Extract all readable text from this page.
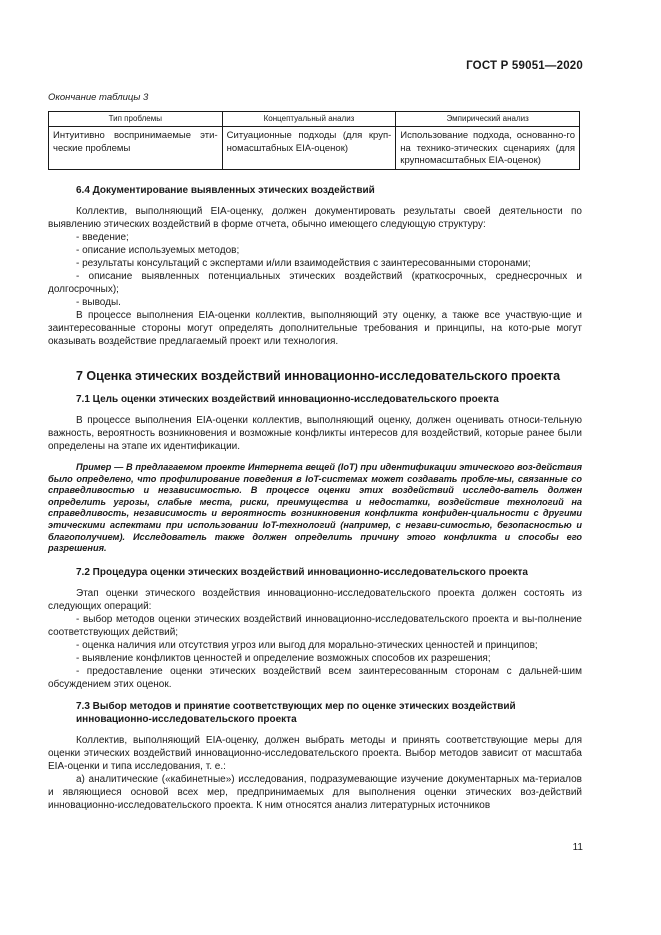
ГОСТ Р 59051—2020
Окончание таблицы 3
Тип проблемы	Концептуальный анализ	Эмпирический анализ
Интуитивно воспринимаемые эти-ческие проблемы	Ситуационные подходы (для круп-номасштабных EIA-оценок)	Использование подхода, основанно-го на технико-этических сценариях (для крупномасштабных EIA-оценок)

6.4 Документирование выявленных этических воздействий

Коллектив, выполняющий EIA-оценку, должен документировать результаты своей деятельности по выявлению этических воздействий в форме отчета, обычно имеющего следующую структуру:

- введение;

- описание используемых методов;

- результаты консультаций с экспертами и/или взаимодействия с заинтересованными сторонами;

- описание выявленных потенциальных этических воздействий (краткосрочных, среднесрочных и долгосрочных);

- выводы.

В процессе выполнения EIA-оценки коллектив, выполняющий эту оценку, а также все участвую-щие и заинтересованные стороны могут определять дополнительные требования и принципы, на кото-рые могут оказывать воздействие предлагаемый проект или технология.

7 Оценка этических воздействий инновационно-исследовательского проекта

7.1 Цель оценки этических воздействий инновационно-исследовательского проекта

В процессе выполнения EIA-оценки коллектив, выполняющий оценку, должен оценивать относи-тельную важность, вероятность возникновения и возможные конфликты интересов для воздействий, которые ранее были определены на этапе их идентификации.

Пример — В предлагаемом проекте Интернета вещей (IoT) при идентификации этического воз-действия было определено, что профилирование поведения в IoT-системах может создавать пробле-мы, связанные со справедливостью и независимостью. В процессе оценки этих воздействий исследо-ватель должен определить угрозы, слабые места, риски, преимущества и недостатки, воздействие технологий на справедливость, независимость и вероятность возникновения конфликта конфиден-циальности с другими этическими аспектами при использовании IoT-технологий (например, с незави-симостью, безопасностью и благополучием). Исследователь также должен определить причину этого конфликта и способы его разрешения.

7.2 Процедура оценки этических воздействий инновационно-исследовательского проекта

Этап оценки этического воздействия инновационно-исследовательского проекта должен состоять из следующих операций:

- выбор методов оценки этических воздействий инновационно-исследовательского проекта и вы-полнение соответствующих действий;

- оценка наличия или отсутствия угроз или выгод для морально-этических ценностей и принципов;

- выявление конфликтов ценностей и определение возможных способов их разрешения;

- предоставление оценки этических воздействий всем заинтересованным сторонам с дальней-шим обсуждением этих оценок.

7.3 Выбор методов и принятие соответствующих мер по оценке этических воздействий инновационно-исследовательского проекта

Коллектив, выполняющий EIA-оценку, должен выбрать методы и принять соответствующие меры для оценки этических воздействий инновационно-исследовательского проекта. Выбор методов зависит от масштаба EIA-оценки и типа исследования, т. е.:

а) аналитические («кабинетные») исследования, подразумевающие изучение документарных ма-териалов и являющиеся основой всех мер, предпринимаемых для выполнения оценки этических воз-действий инновационно-исследовательского проекта. К ним относятся анализ литературных источников

11
